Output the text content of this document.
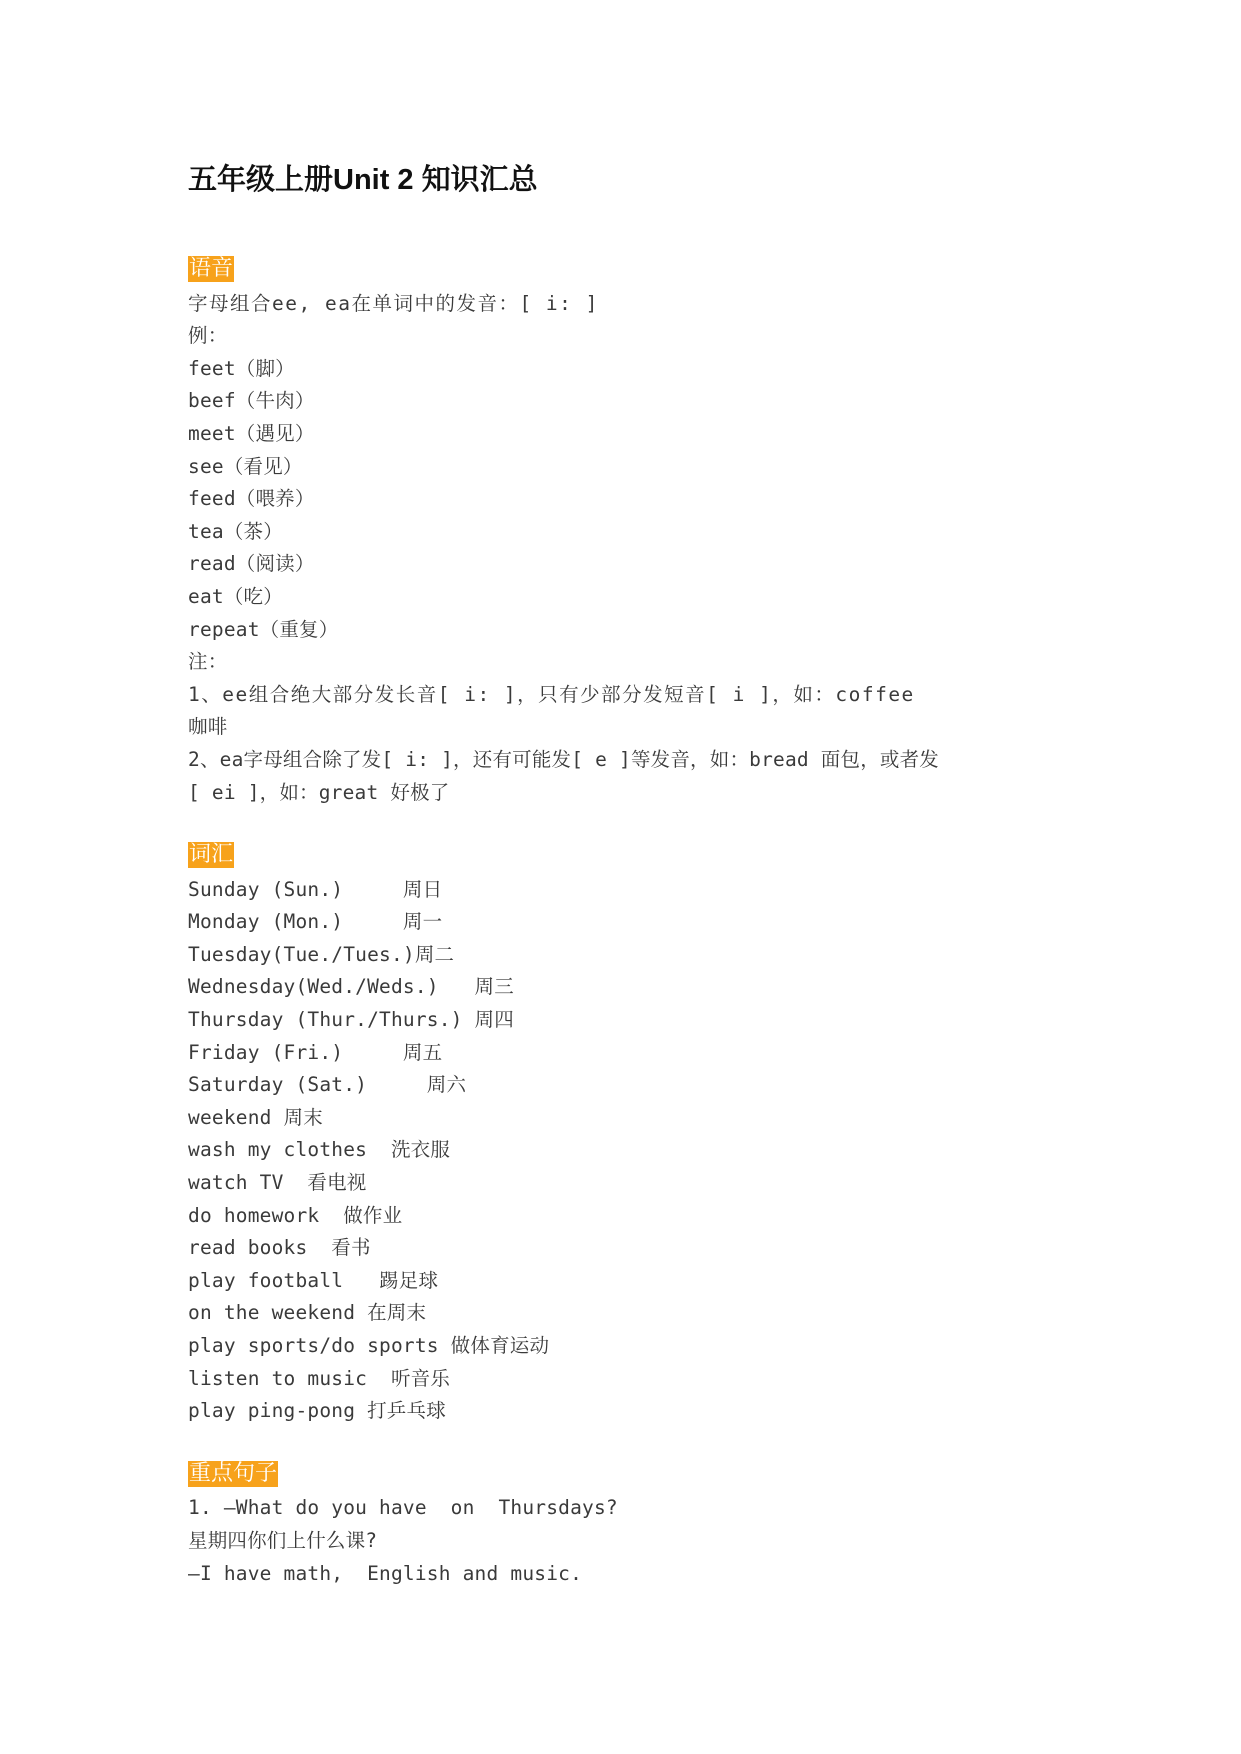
五年级上册Unit 2 知识汇总
语音
字母组合ee, ea在单词中的发音：[ i: ]
例：
feet（脚）
beef（牛肉）
meet（遇见）
see（看见）
feed（喂养）
tea（茶）
read（阅读）
eat（吃）
repeat（重复）
注：
1、ee组合绝大部分发长音[ i: ]，只有少部分发短音[ i ]，如：coffee
咖啡
2、ea字母组合除了发[ i: ]，还有可能发[ e ]等发音，如：bread 面包，或者发
[ ei ]，如：great 好极了
词汇
Sunday (Sun.)     周日
Monday (Mon.)     周一
Tuesday(Tue./Tues.)周二
Wednesday(Wed./Weds.)   周三
Thursday (Thur./Thurs.) 周四
Friday (Fri.)     周五
Saturday (Sat.)     周六
weekend 周末
wash my clothes  洗衣服
watch TV  看电视
do homework  做作业
read books  看书
play football   踢足球
on the weekend 在周末
play sports/do sports 做体育运动
listen to music  听音乐
play ping-pong 打乒乓球
重点句子
1. —What do you have  on  Thursdays?
星期四你们上什么课?
—I have math,  English and music.
